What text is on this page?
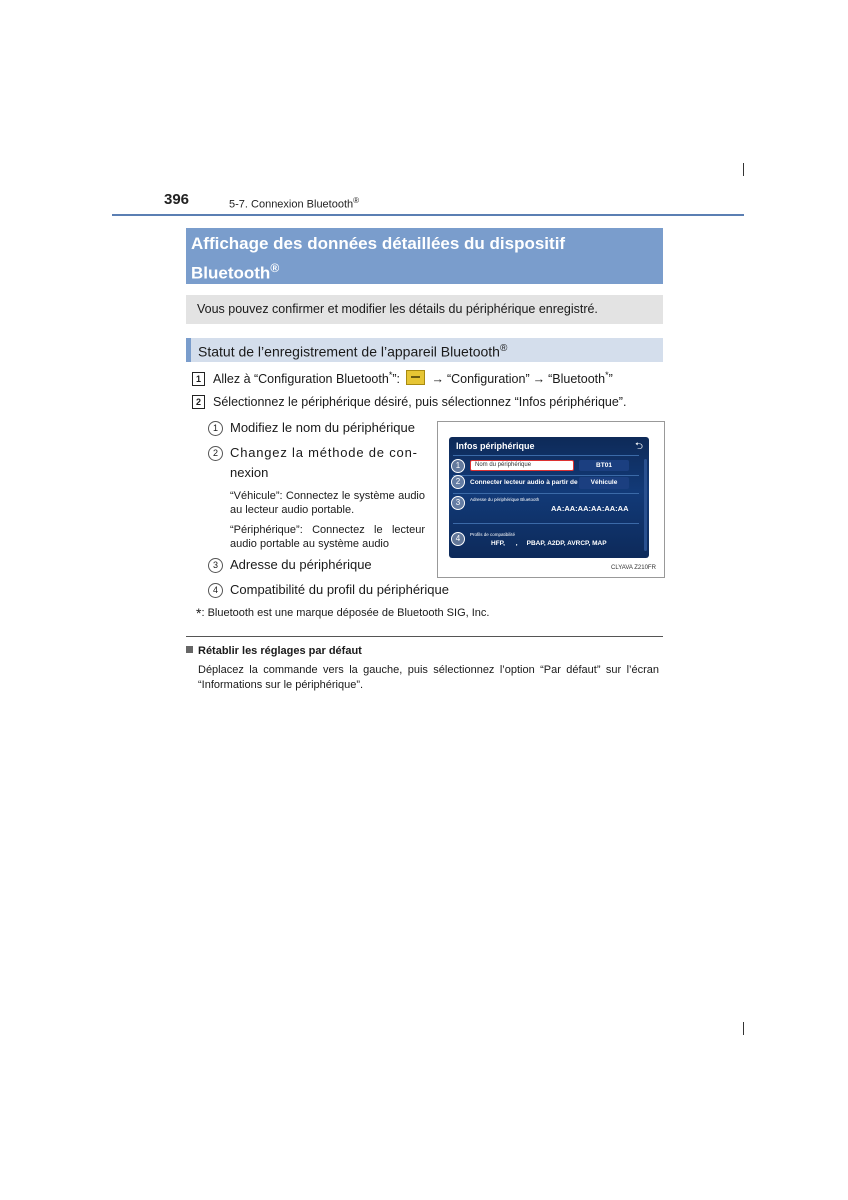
396	5-7. Connexion Bluetooth®
Affichage des données détaillées du dispositif
Bluetooth®
Vous pouvez confirmer et modifier les détails du périphérique enregistré.
Statut de l’enregistrement de l’appareil Bluetooth®
1 Allez à “Configuration Bluetooth*”: → “Configuration” → “Bluetooth*”
2 Sélectionnez le périphérique désiré, puis sélectionnez “Infos périphérique”.
1 Modifiez le nom du périphérique
2 Changez la méthode de con-
nexion
“Véhicule”: Connectez le système audio au lecteur audio portable.
“Périphérique”: Connectez le lecteur audio portable au système audio
3 Adresse du périphérique
4 Compatibilité du profil du périphérique
Infos périphérique	⮌
1	Nom du périphérique	BT01
2	Connecter lecteur audio à partir de	Véhicule
3	Adresse du périphérique Bluetooth
AA:AA:AA:AA:AA:AA
4	Profils de compatibilité
HFP,      ,     PBAP, A2DP, AVRCP, MAP
CLYAVA Z210FR
*: Bluetooth est une marque déposée de Bluetooth SIG, Inc.
Rétablir les réglages par défaut
Déplacez la commande vers la gauche, puis sélectionnez l’option “Par défaut” sur l’écran “Informations sur le périphérique”.
